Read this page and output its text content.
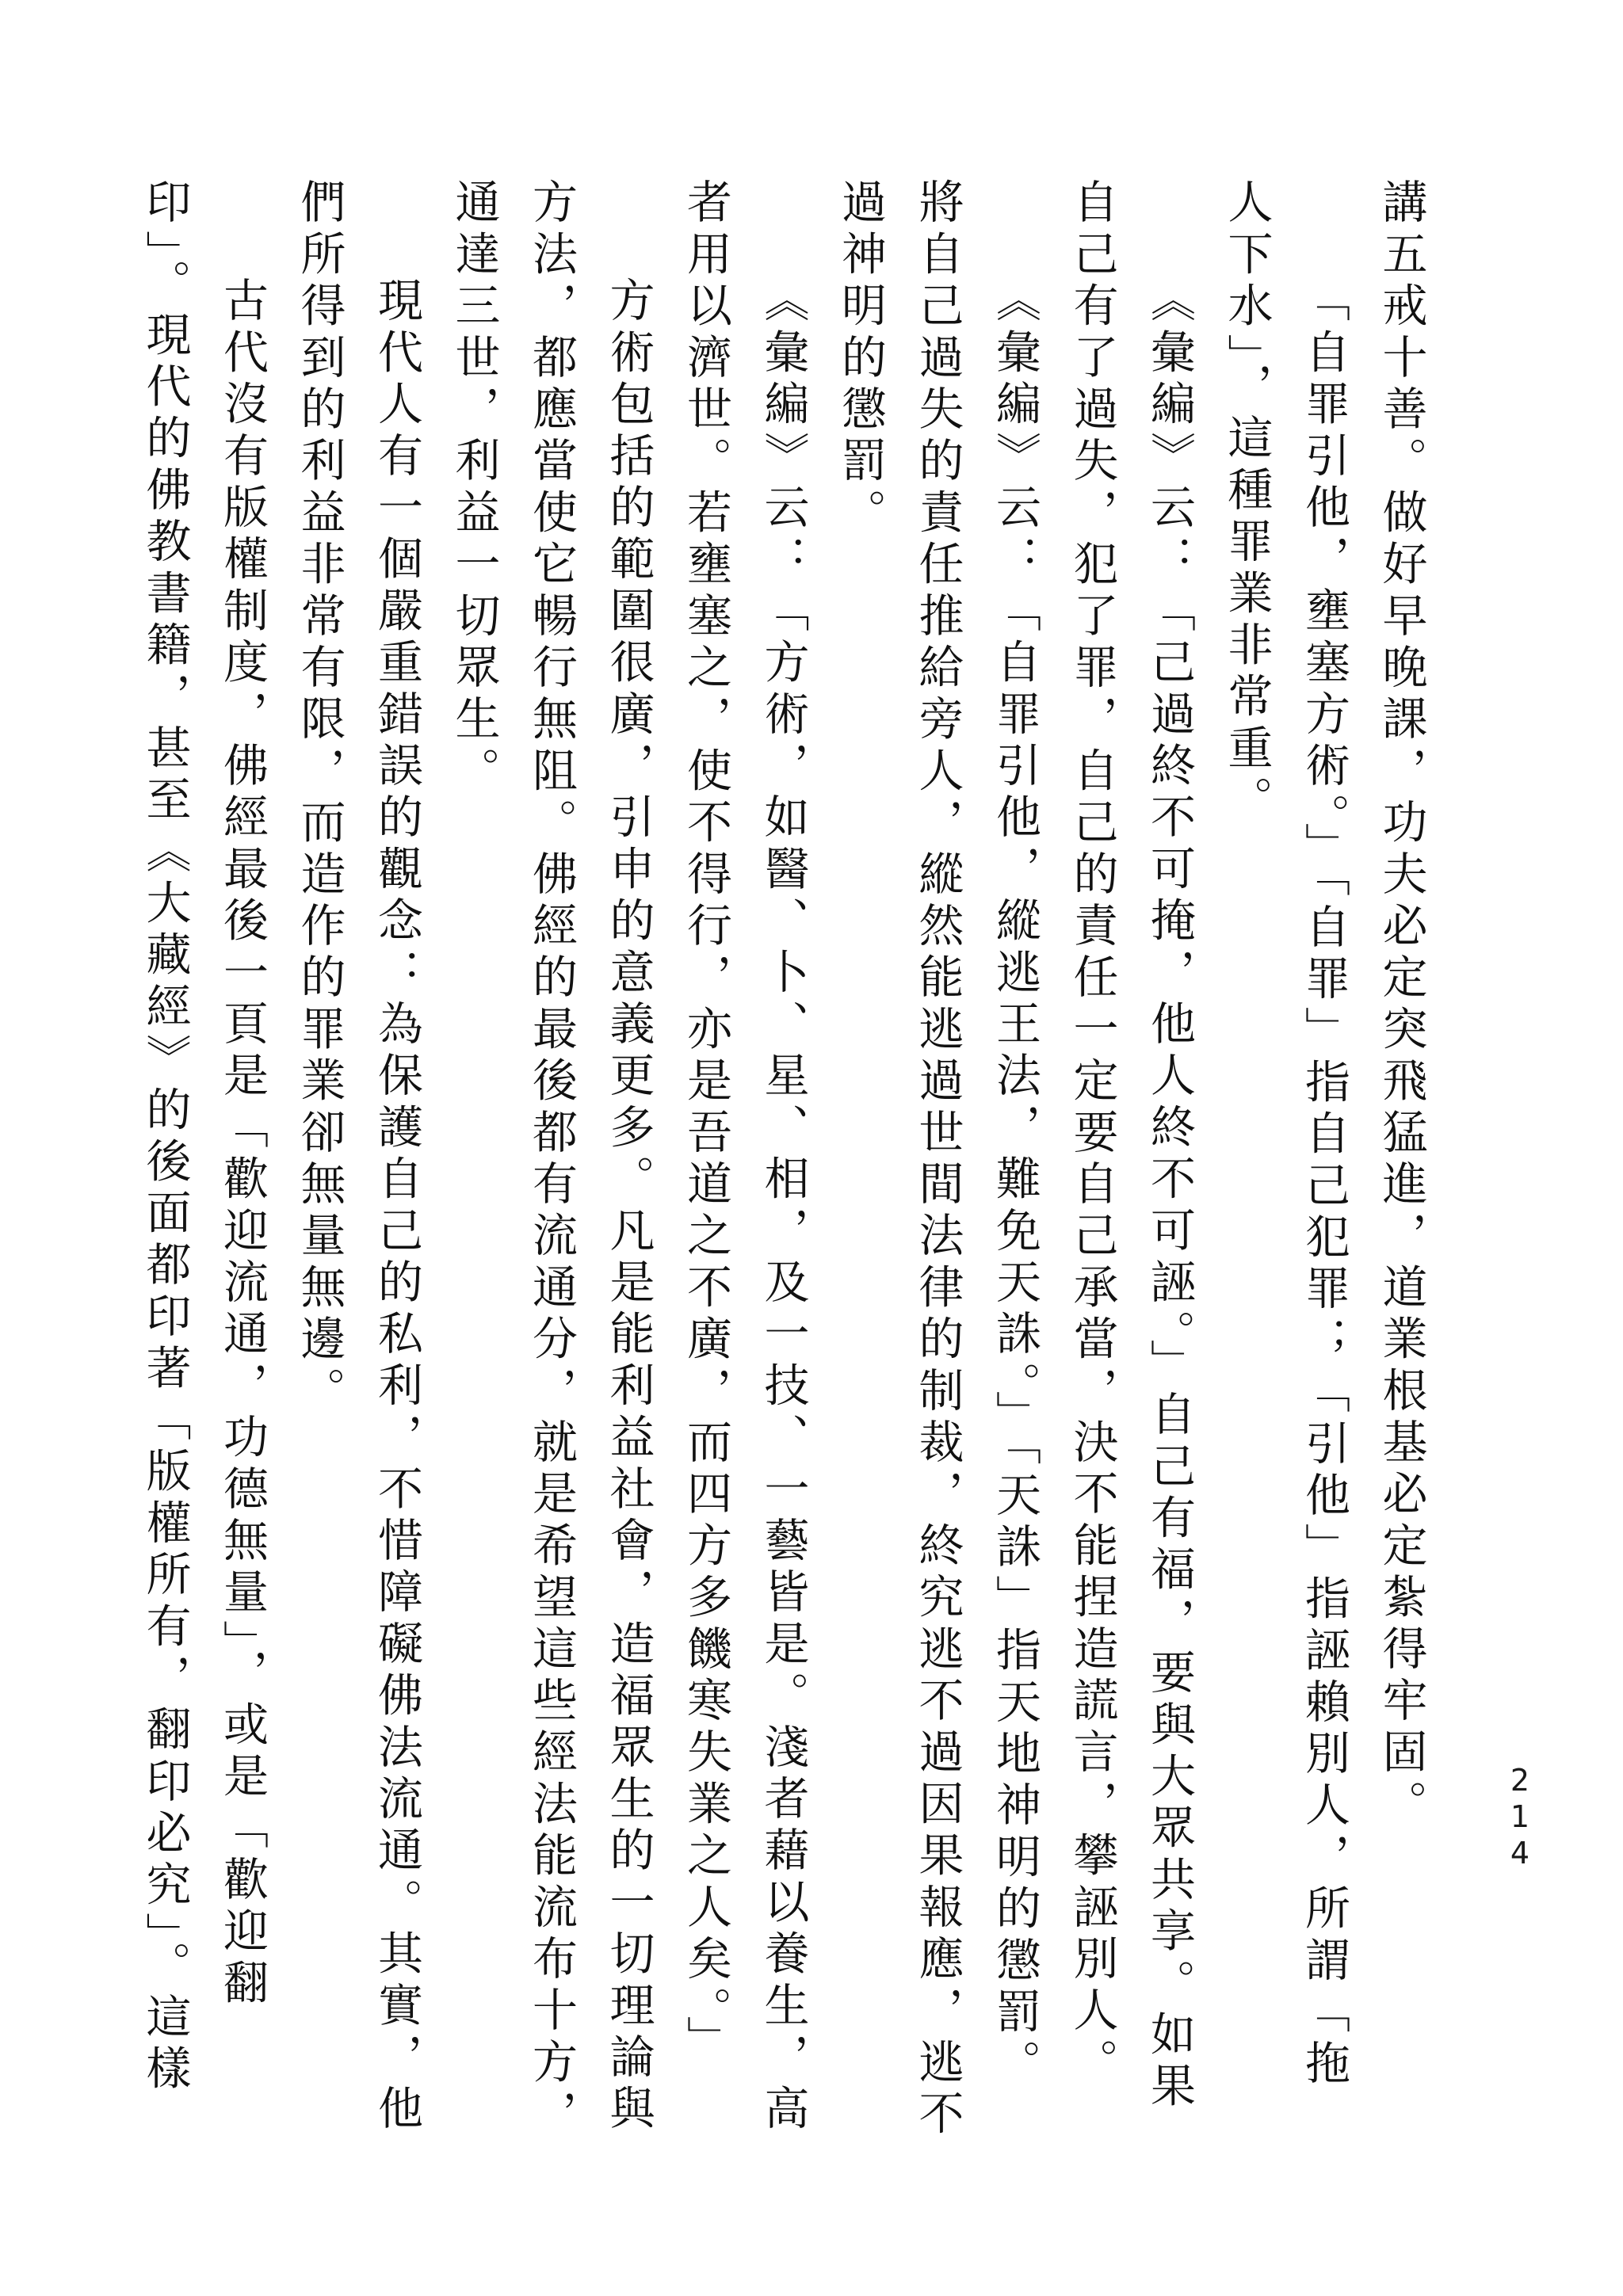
214
講五戒十善。做好早晚課，功夫必定突飛猛進，道業根基必定紮得牢固。
「自罪引他，壅塞方術。」「自罪」指自己犯罪；「引他」指誣賴別人，所謂「拖
人下水」，這種罪業非常重。
《彙編》云：「己過終不可掩，他人終不可誣。」自己有福，要與大眾共享。如果
自己有了過失，犯了罪，自己的責任一定要自己承當，決不能捏造謊言，攀誣別人。
《彙編》云：「自罪引他，縱逃王法，難免天誅。」「天誅」指天地神明的懲罰。
將自己過失的責任推給旁人，縱然能逃過世間法律的制裁，終究逃不過因果報應，逃不
過神明的懲罰。
《彙編》云：「方術，如醫、卜、星、相，及一技、一藝皆是。淺者藉以養生，高
者用以濟世。若壅塞之，使不得行，亦是吾道之不廣，而四方多饑寒失業之人矣。」
方術包括的範圍很廣，引申的意義更多。凡是能利益社會，造福眾生的一切理論與
方法，都應當使它暢行無阻。佛經的最後都有流通分，就是希望這些經法能流布十方，
通達三世，利益一切眾生。
現代人有一個嚴重錯誤的觀念：為保護自己的私利，不惜障礙佛法流通。其實，他
們所得到的利益非常有限，而造作的罪業卻無量無邊。
古代沒有版權制度，佛經最後一頁是「歡迎流通，功德無量」，或是「歡迎翻
印」。現代的佛教書籍，甚至《大藏經》的後面都印著「版權所有，翻印必究」。這樣
